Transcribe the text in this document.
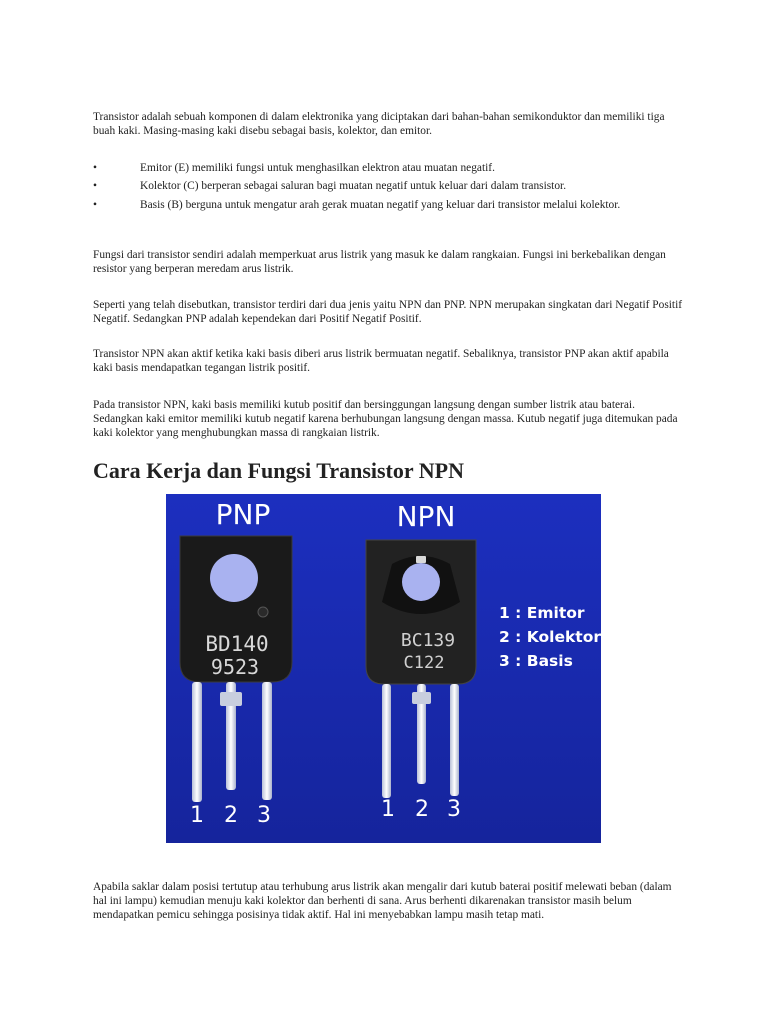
Transistor adalah sebuah komponen di dalam elektronika yang diciptakan dari bahan-bahan semikonduktor dan memiliki tiga buah kaki. Masing-masing kaki disebu sebagai basis, kolektor, dan emitor.

•	Emitor (E) memiliki fungsi untuk menghasilkan elektron atau muatan negatif.
•	Kolektor (C) berperan sebagai saluran bagi muatan negatif untuk keluar dari dalam transistor.
•	Basis (B) berguna untuk mengatur arah gerak muatan negatif yang keluar dari transistor melalui kolektor.

Fungsi dari transistor sendiri adalah memperkuat arus listrik yang masuk ke dalam rangkaian. Fungsi ini berkebalikan dengan resistor yang berperan meredam arus listrik.

Seperti yang telah disebutkan, transistor terdiri dari dua jenis yaitu NPN dan PNP. NPN merupakan singkatan dari Negatif Positif Negatif. Sedangkan PNP adalah kependekan dari Positif Negatif Positif.

Transistor NPN akan aktif ketika kaki basis diberi arus listrik bermuatan negatif. Sebaliknya, transistor PNP akan aktif apabila kaki basis mendapatkan tegangan listrik positif.

Pada transistor NPN, kaki basis memiliki kutub positif dan bersinggungan langsung dengan sumber listrik atau baterai. Sedangkan kaki emitor memiliki kutub negatif karena berhubungan langsung dengan massa. Kutub negatif juga ditemukan pada kaki kolektor yang menghubungkan massa di rangkaian listrik.

Cara Kerja dan Fungsi Transistor NPN
PNP	NPN
BD140
9523
BC139
C122
1 : Emitor
2 : Kolektor
3 : Basis
1 2 3	1 2 3

Apabila saklar dalam posisi tertutup atau terhubung arus listrik akan mengalir dari kutub baterai positif melewati beban (dalam hal ini lampu) kemudian menuju kaki kolektor dan berhenti di sana. Arus berhenti dikarenakan transistor masih belum mendapatkan pemicu sehingga posisinya tidak aktif. Hal ini menyebabkan lampu masih tetap mati.
